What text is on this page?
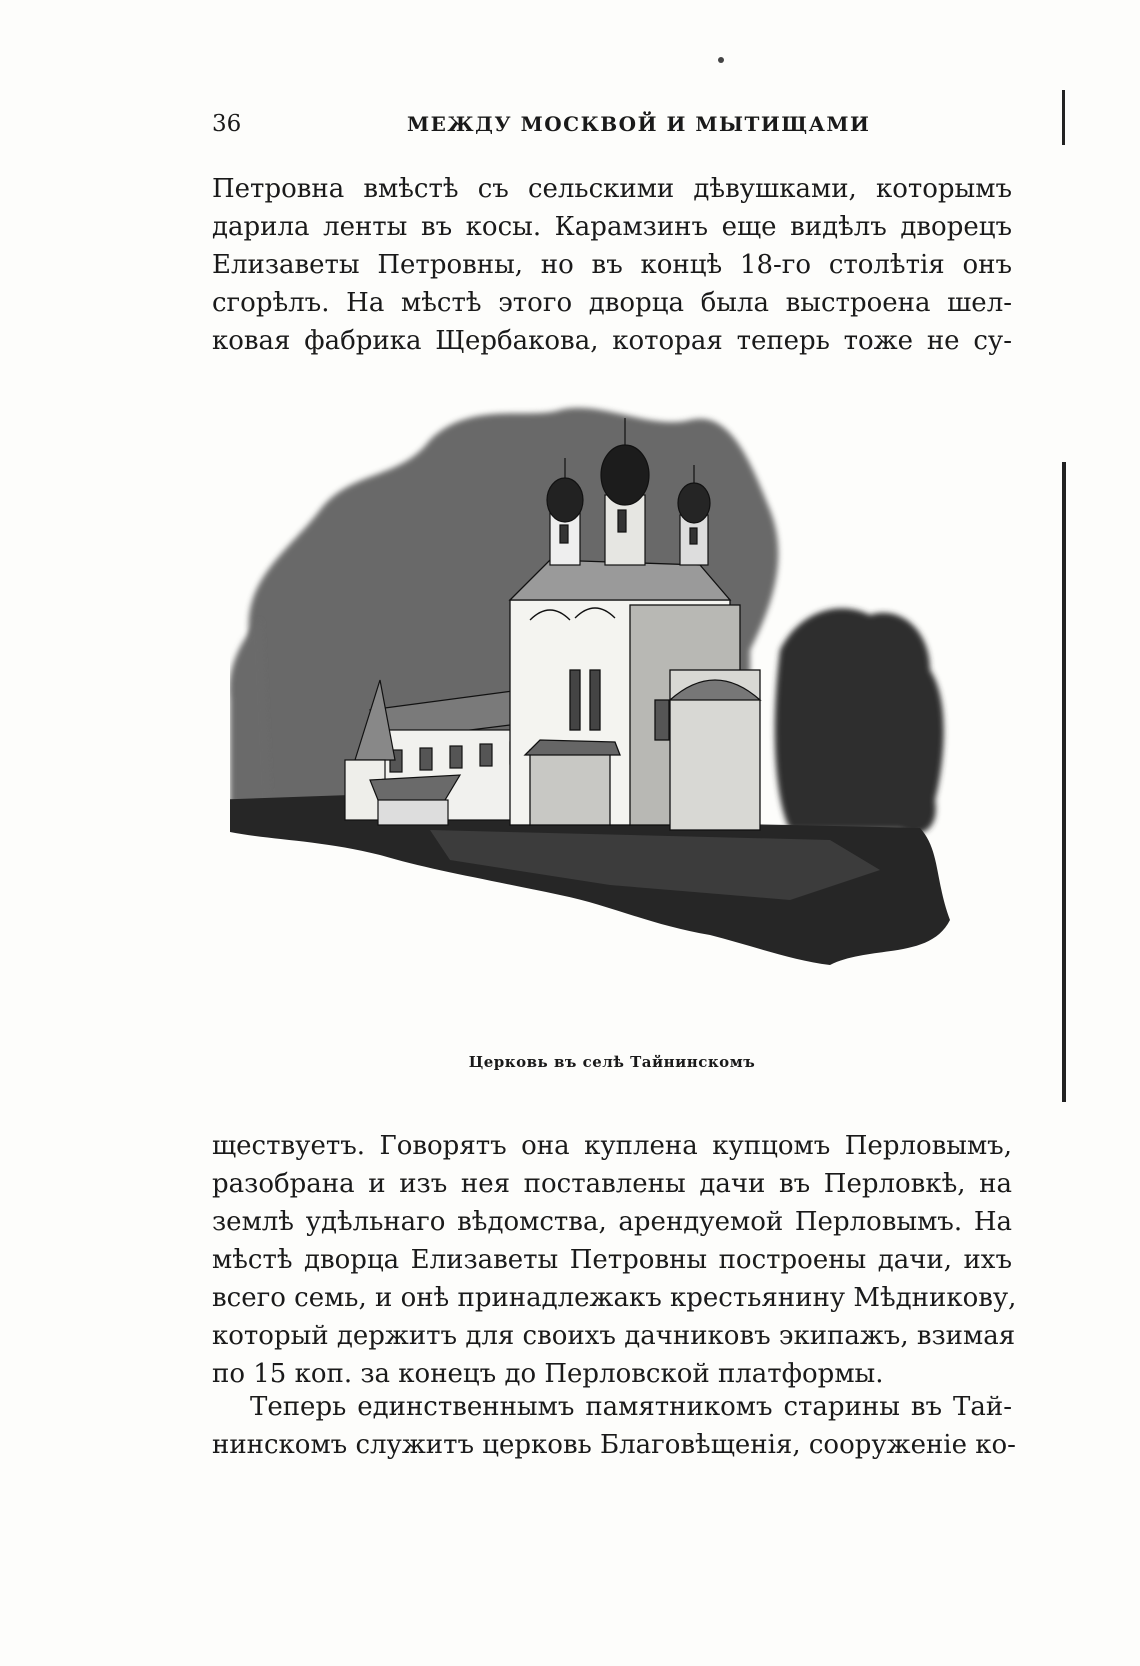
36	МЕЖДУ МОСКВОЙ И МЫТИЩАМИ
Петровна вмѣстѣ съ сельскими дѣвушками, которымъ
дарила ленты въ косы. Карамзинъ еще видѣлъ дворецъ
Елизаветы Петровны, но въ концѣ 18-го столѣтія онъ
сгорѣлъ. На мѣстѣ этого дворца была выстроена шел-
ковая фабрика Щербакова, которая теперь тоже не су-
Церковь въ селѣ Тайнинскомъ
ществуетъ. Говорятъ она куплена купцомъ Перловымъ,
разобрана и изъ нея поставлены дачи въ Перловкѣ, на
землѣ удѣльнаго вѣдомства, арендуемой Перловымъ. На
мѣстѣ дворца Елизаветы Петровны построены дачи, ихъ
всего семь, и онѣ принадлежакъ крестьянину Мѣдникову,
который держитъ для своихъ дачниковъ экипажъ, взимая
по 15 коп. за конецъ до Перловской платформы.
Теперь единственнымъ памятникомъ старины въ Тай-
нинскомъ служитъ церковь Благовѣщенія, сооруженіе ко-
